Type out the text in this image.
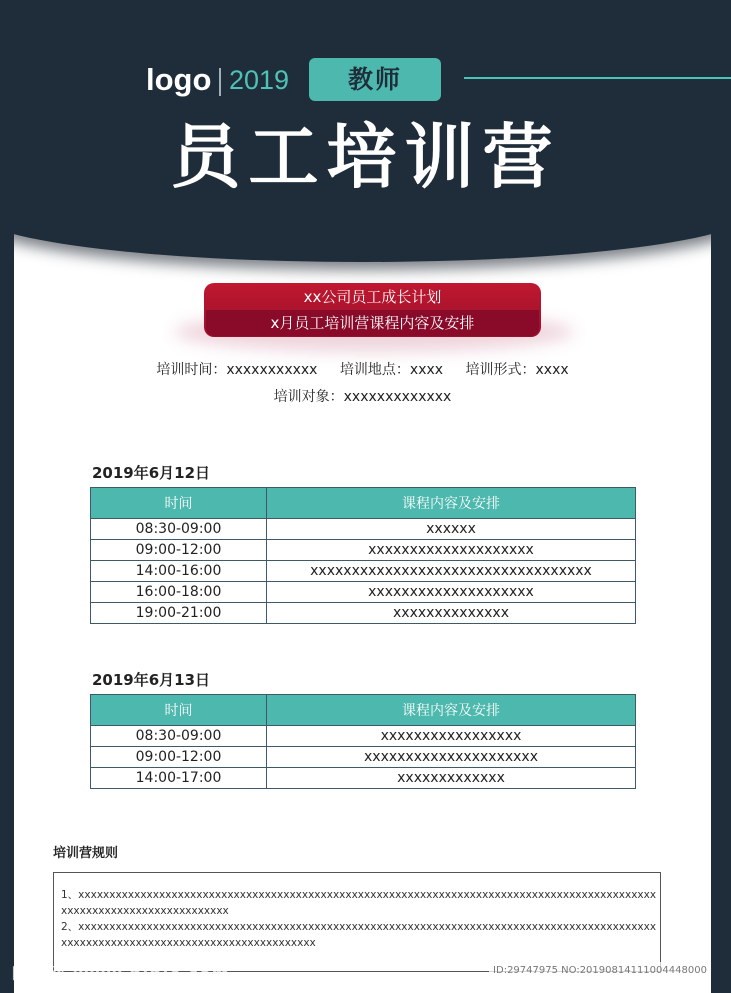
logo 2019	教师
员工培训营
xx公司员工成长计划
x月员工培训营课程内容及安排
培训时间：xxxxxxxxxxx 培训地点：xxxx 培训形式：xxxx
培训对象：xxxxxxxxxxxxx
2019年6月12日
时间	课程内容及安排
08:30-09:00	xxxxxx
09:00-12:00	xxxxxxxxxxxxxxxxxxxx
14:00-16:00	xxxxxxxxxxxxxxxxxxxxxxxxxxxxxxxxxx
16:00-18:00	xxxxxxxxxxxxxxxxxxxx
19:00-21:00	xxxxxxxxxxxxxx
2019年6月13日
时间	课程内容及安排
08:30-09:00	xxxxxxxxxxxxxxxxx
09:00-12:00	xxxxxxxxxxxxxxxxxxxxx
14:00-17:00	xxxxxxxxxxxxx
培训营规则
1、xxxxxxxxxxxxxxxxxxxxxxxxxxxxxxxxxxxxxxxxxxxxxxxxxxxxxxxxxxxxxxxxxxxxxxxxxxxxxxxxxxxxxxxxxxxxxxxxxxxxxxxxxxxxxxxxxxxxxxxx
2、xxxxxxxxxxxxxxxxxxxxxxxxxxxxxxxxxxxxxxxxxxxxxxxxxxxxxxxxxxxxxxxxxxxxxxxxxxxxxxxxxxxxxxxxxxxxxxxxxxxxxxxxxxxxxxxxxxxxxxxxxxxxxxxxxxxxxx
昵图网 www.nipic.com	ID:29747975 NO:20190814111004448000
